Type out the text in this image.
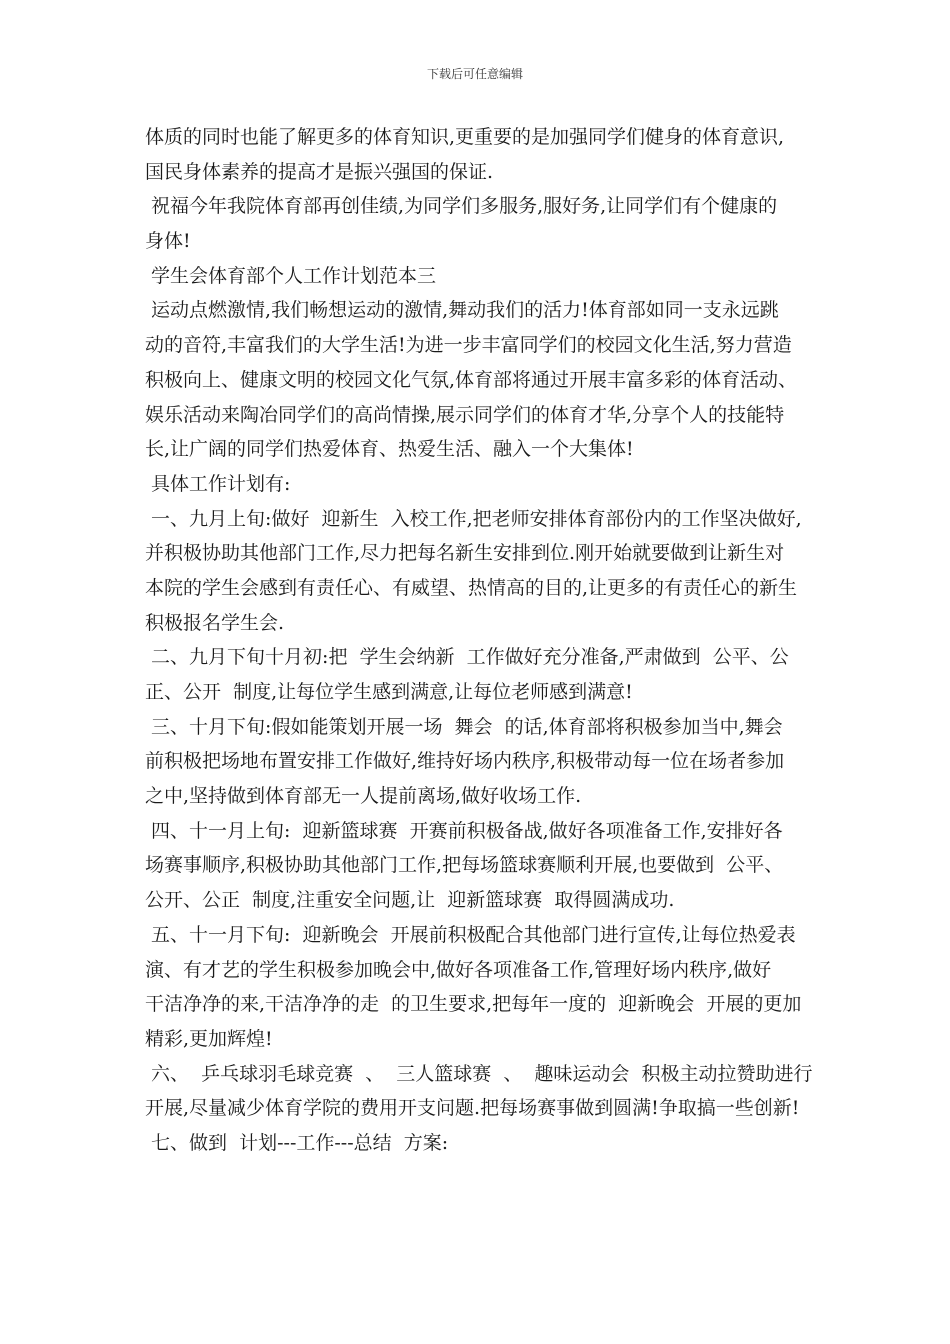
下载后可任意编辑
体质的同时也能了解更多的体育知识,更重要的是加强同学们健身的体育意识,
国民身体素养的提高才是振兴强国的保证.
祝福今年我院体育部再创佳绩,为同学们多服务,服好务,让同学们有个健康的
身体!
学生会体育部个人工作计划范本三
运动点燃激情,我们畅想运动的激情,舞动我们的活力!体育部如同一支永远跳
动的音符,丰富我们的大学生活!为进一步丰富同学们的校园文化生活,努力营造
积极向上、健康文明的校园文化气氛,体育部将通过开展丰富多彩的体育活动、
娱乐活动来陶冶同学们的高尚情操,展示同学们的体育才华,分享个人的技能特
长,让广阔的同学们热爱体育、热爱生活、融入一个大集体!
具体工作计划有:
一、九月上旬:做好  迎新生  入校工作,把老师安排体育部份内的工作坚决做好,
并积极协助其他部门工作,尽力把每名新生安排到位.刚开始就要做到让新生对
本院的学生会感到有责任心、有威望、热情高的目的,让更多的有责任心的新生
积极报名学生会.
二、九月下旬十月初:把  学生会纳新  工作做好充分准备,严肃做到  公平、公
正、公开  制度,让每位学生感到满意,让每位老师感到满意!
三、十月下旬:假如能策划开展一场  舞会  的话,体育部将积极参加当中,舞会
前积极把场地布置安排工作做好,维持好场内秩序,积极带动每一位在场者参加
之中,坚持做到体育部无一人提前离场,做好收场工作.
四、十一月上旬:  迎新篮球赛  开赛前积极备战,做好各项准备工作,安排好各
场赛事顺序,积极协助其他部门工作,把每场篮球赛顺利开展,也要做到  公平、
公开、公正  制度,注重安全问题,让  迎新篮球赛  取得圆满成功.
五、十一月下旬:  迎新晚会  开展前积极配合其他部门进行宣传,让每位热爱表
演、有才艺的学生积极参加晚会中,做好各项准备工作,管理好场内秩序,做好
干洁净净的来,干洁净净的走  的卫生要求,把每年一度的  迎新晚会  开展的更加
精彩,更加辉煌!
六、  乒乓球羽毛球竞赛  、  三人篮球赛  、  趣味运动会  积极主动拉赞助进行
开展,尽量减少体育学院的费用开支问题.把每场赛事做到圆满!争取搞一些创新!
七、做到  计划---工作---总结  方案:
